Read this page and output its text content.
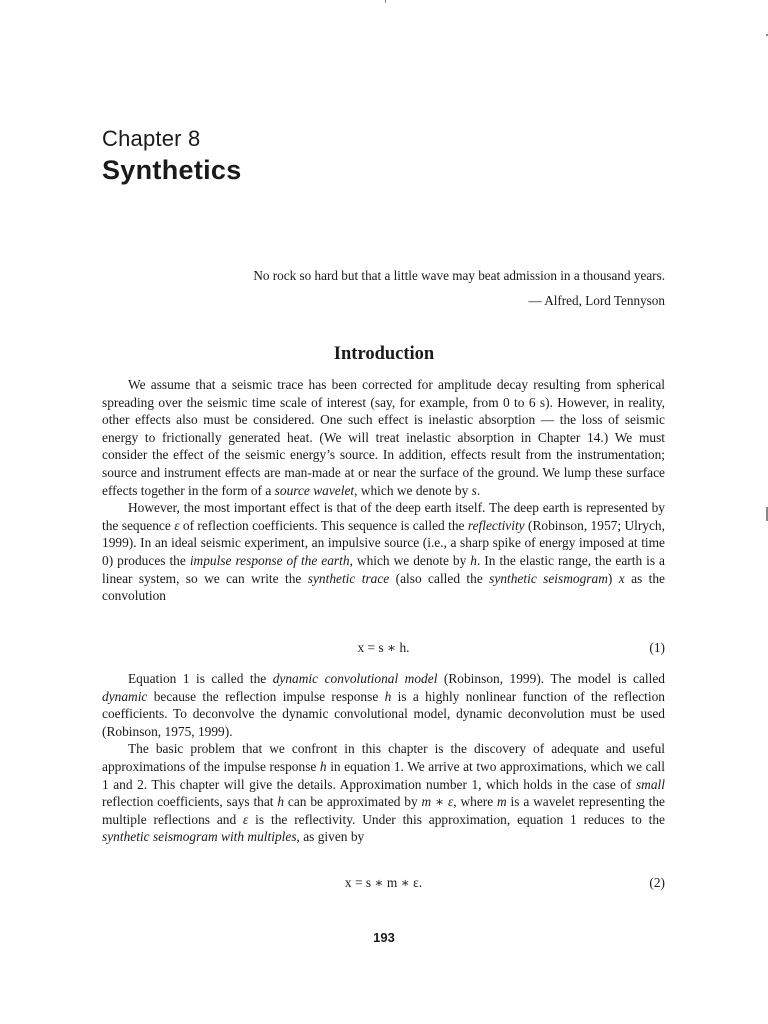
Chapter 8
Synthetics
No rock so hard but that a little wave may beat admission in a thousand years.
— Alfred, Lord Tennyson
Introduction

We assume that a seismic trace has been corrected for amplitude decay resulting from spherical spreading over the seismic time scale of interest (say, for example, from 0 to 6 s). However, in reality, other effects also must be considered. One such effect is inelastic absorption — the loss of seismic energy to frictionally generated heat. (We will treat inelastic absorption in Chapter 14.) We must consider the effect of the seismic energy’s source. In addition, effects result from the instrumentation; source and instrument effects are man-made at or near the surface of the ground. We lump these surface effects together in the form of a source wavelet, which we denote by s.

However, the most important effect is that of the deep earth itself. The deep earth is represented by the sequence ε of reflection coefficients. This sequence is called the reflectivity (Robinson, 1957; Ulrych, 1999). In an ideal seismic experiment, an impulsive source (i.e., a sharp spike of energy imposed at time 0) produces the impulse response of the earth, which we denote by h. In the elastic range, the earth is a linear system, so we can write the synthetic trace (also called the synthetic seismogram) x as the convolution

x = s ∗ h.	(1)

Equation 1 is called the dynamic convolutional model (Robinson, 1999). The model is called dynamic because the reflection impulse response h is a highly nonlinear function of the reflection coefficients. To deconvolve the dynamic convolutional model, dynamic deconvolution must be used (Robinson, 1975, 1999).

The basic problem that we confront in this chapter is the discovery of adequate and useful approximations of the impulse response h in equation 1. We arrive at two approximations, which we call 1 and 2. This chapter will give the details. Approximation number 1, which holds in the case of small reflection coefficients, says that h can be approximated by m ∗ ε, where m is a wavelet representing the multiple reflections and ε is the reflectivity. Under this approximation, equation 1 reduces to the synthetic seismogram with multiples, as given by

x = s ∗ m ∗ ε.	(2)
193
